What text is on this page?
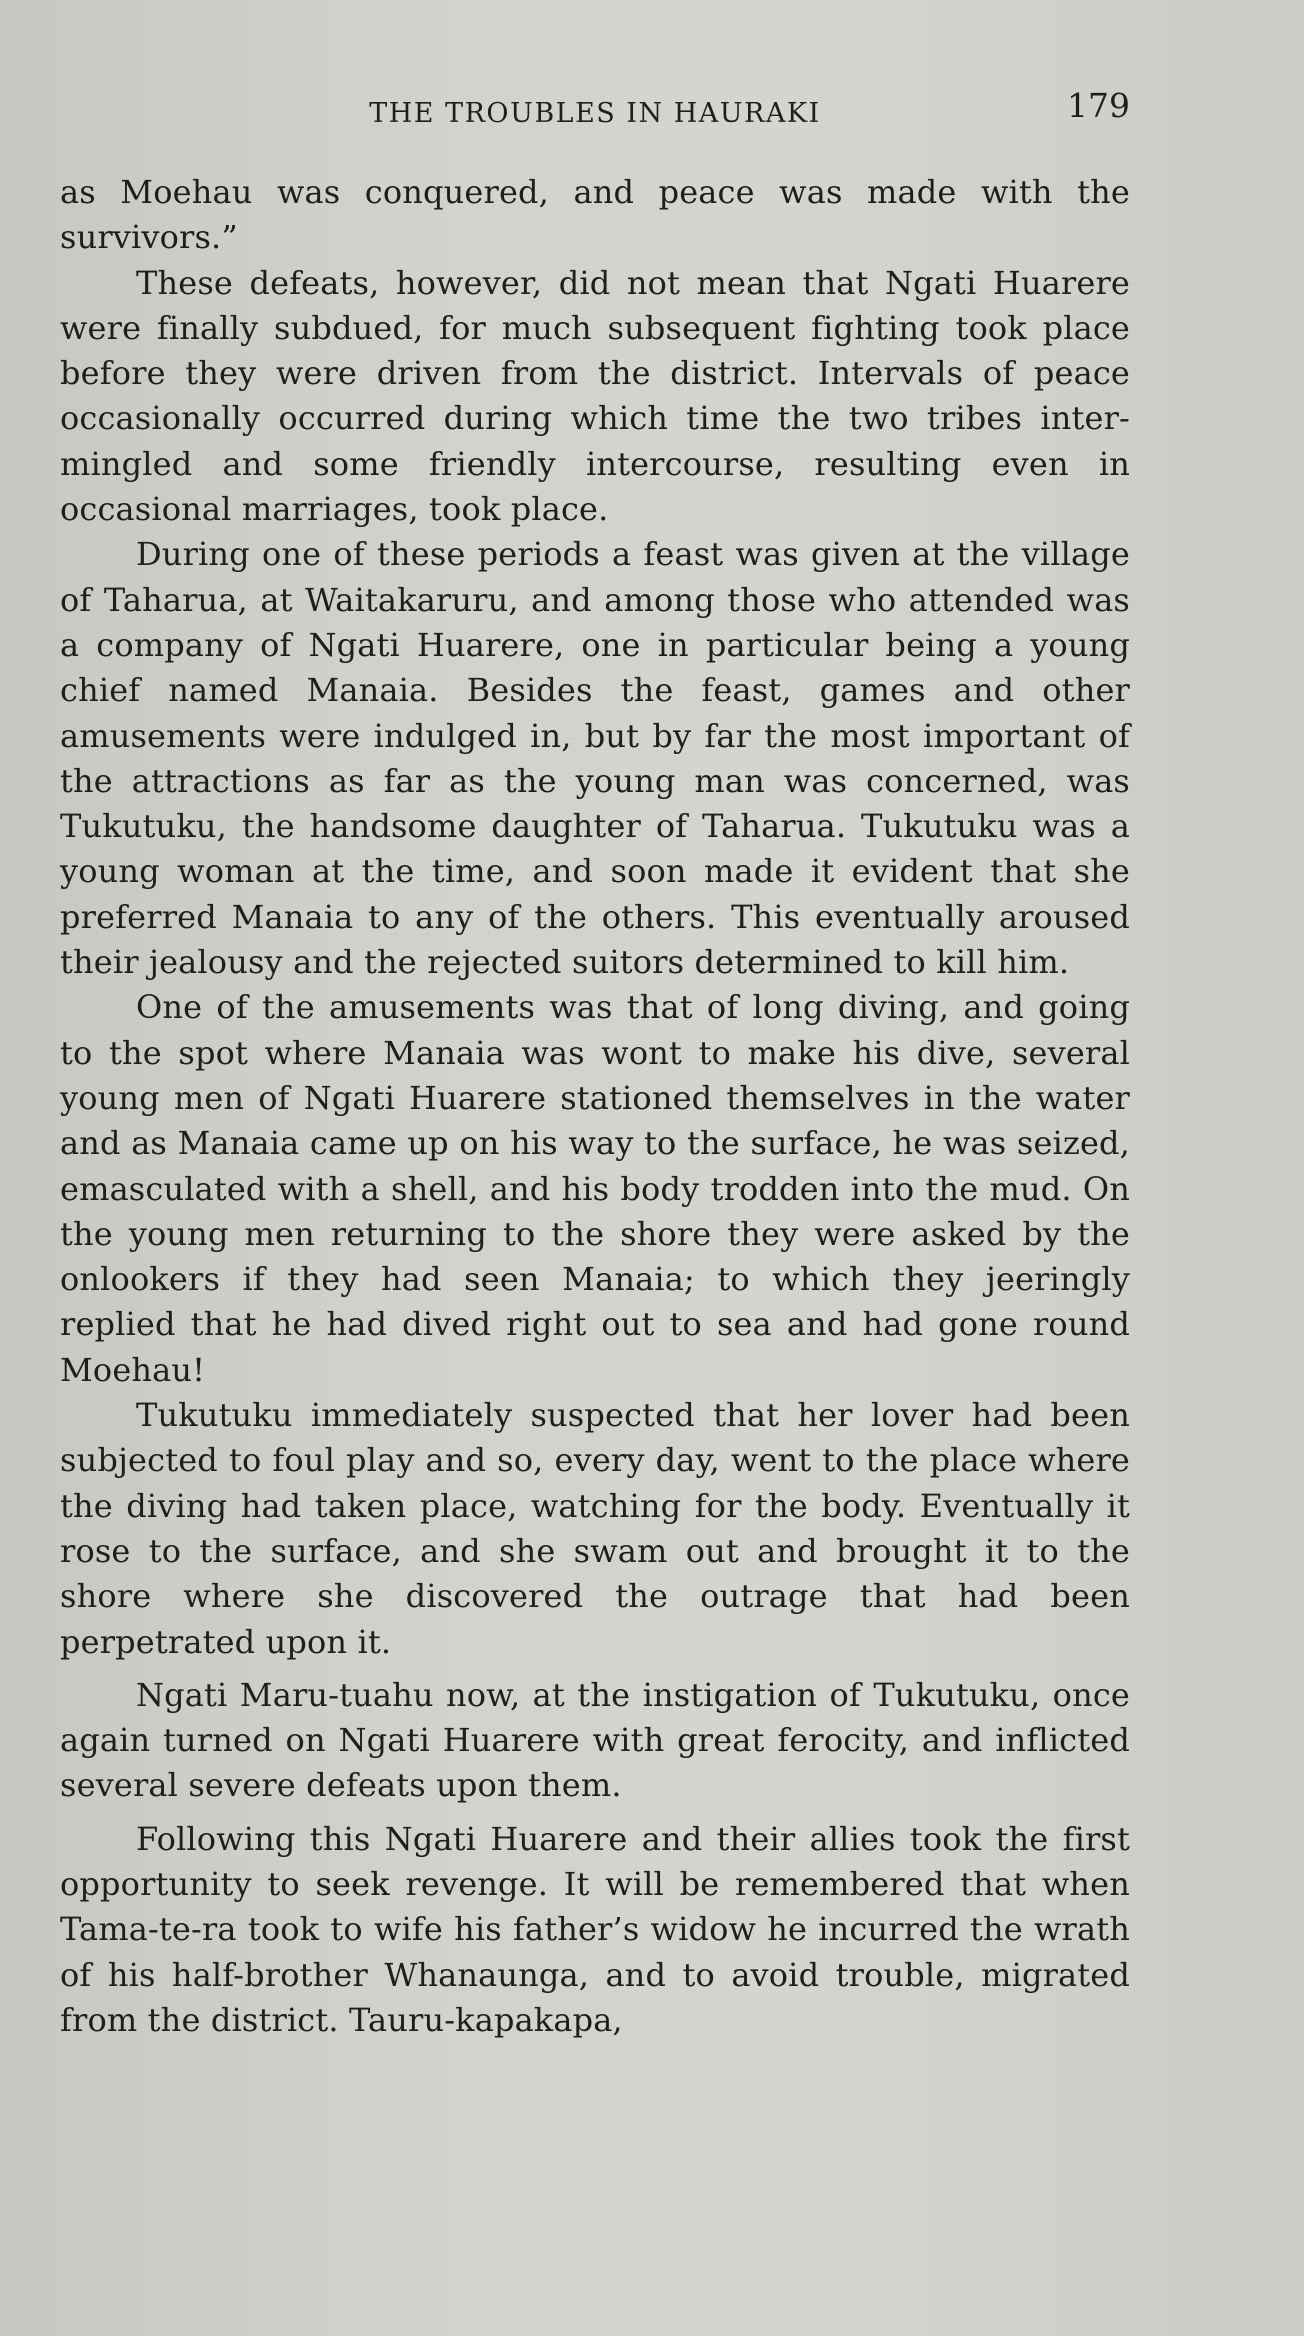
THE TROUBLES IN HAURAKI	179

as Moehau was conquered, and peace was made with the survivors.”

These defeats, however, did not mean that Ngati Huarere were finally subdued, for much subsequent fighting took place before they were driven from the district. Intervals of peace occasionally occurred during which time the two tribes inter-mingled and some friendly intercourse, resulting even in occasional marriages, took place.

During one of these periods a feast was given at the village of Taharua, at Waitakaruru, and among those who attended was a company of Ngati Huarere, one in particular being a young chief named Manaia. Besides the feast, games and other amusements were indulged in, but by far the most important of the attractions as far as the young man was concerned, was Tukutuku, the handsome daughter of Taharua. Tukutuku was a young woman at the time, and soon made it evident that she preferred Manaia to any of the others. This eventually aroused their jealousy and the rejected suitors determined to kill him.

One of the amusements was that of long diving, and going to the spot where Manaia was wont to make his dive, several young men of Ngati Huarere stationed themselves in the water and as Manaia came up on his way to the surface, he was seized, emasculated with a shell, and his body trodden into the mud. On the young men returning to the shore they were asked by the onlookers if they had seen Manaia; to which they jeeringly replied that he had dived right out to sea and had gone round Moehau!

Tukutuku immediately suspected that her lover had been subjected to foul play and so, every day, went to the place where the diving had taken place, watching for the body. Eventually it rose to the surface, and she swam out and brought it to the shore where she discovered the outrage that had been perpetrated upon it.

Ngati Maru-tuahu now, at the instigation of Tukutuku, once again turned on Ngati Huarere with great ferocity, and inflicted several severe defeats upon them.

Following this Ngati Huarere and their allies took the first opportunity to seek revenge. It will be remembered that when Tama-te-ra took to wife his father’s widow he incurred the wrath of his half-brother Whanaunga, and to avoid trouble, migrated from the district. Tauru-kapakapa,
